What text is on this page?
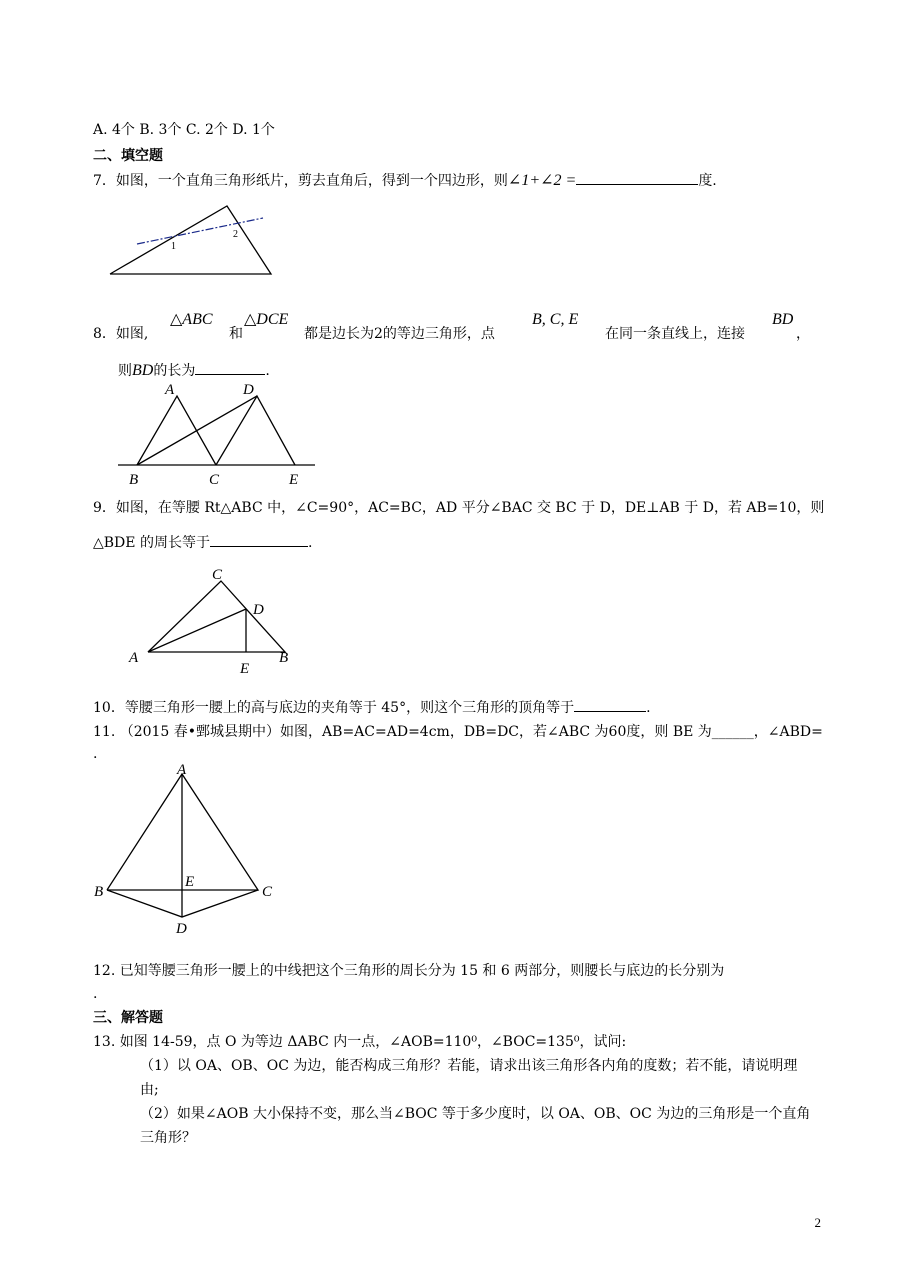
A. 4个 B. 3个 C. 2个 D. 1个
二、填空题
7．如图，一个直角三角形纸片，剪去直角后，得到一个四边形，则∠1+∠2 =	度.
1
2
8．如图,
△ABC
和
△DCE
都是边长为2的等边三角形，点
B, C, E
在同一条直线上，连接
BD
，
则BD的长为	.
A	D
B	C	E
9．如图，在等腰 Rt△ABC 中，∠C=90°，AC=BC，AD 平分∠BAC 交 BC 于 D，DE⊥AB 于 D，若 AB=10，则
△BDE 的周长等于	.
C
D
A	B
E
10．等腰三角形一腰上的高与底边的夹角等于 45°，则这个三角形的顶角等于	.
11. （2015 春•鄄城县期中）如图，AB=AC=AD=4cm，DB=DC，若∠ABC 为60度，则 BE 为______，∠ABD=
.
A
B	C
E
D
12. 已知等腰三角形一腰上的中线把这个三角形的周长分为 15 和 6 两部分，则腰长与底边的长分别为
.
三、解答题
13. 如图 14-59，点 O 为等边 ΔABC 内一点，∠AOB=110⁰，∠BOC=135⁰，试问:
（1）以 OA、OB、OC 为边，能否构成三角形？若能，请求出该三角形各内角的度数；若不能，请说明理
由;
（2）如果∠AOB 大小保持不变，那么当∠BOC 等于多少度时，以 OA、OB、OC 为边的三角形是一个直角
三角形？
2
